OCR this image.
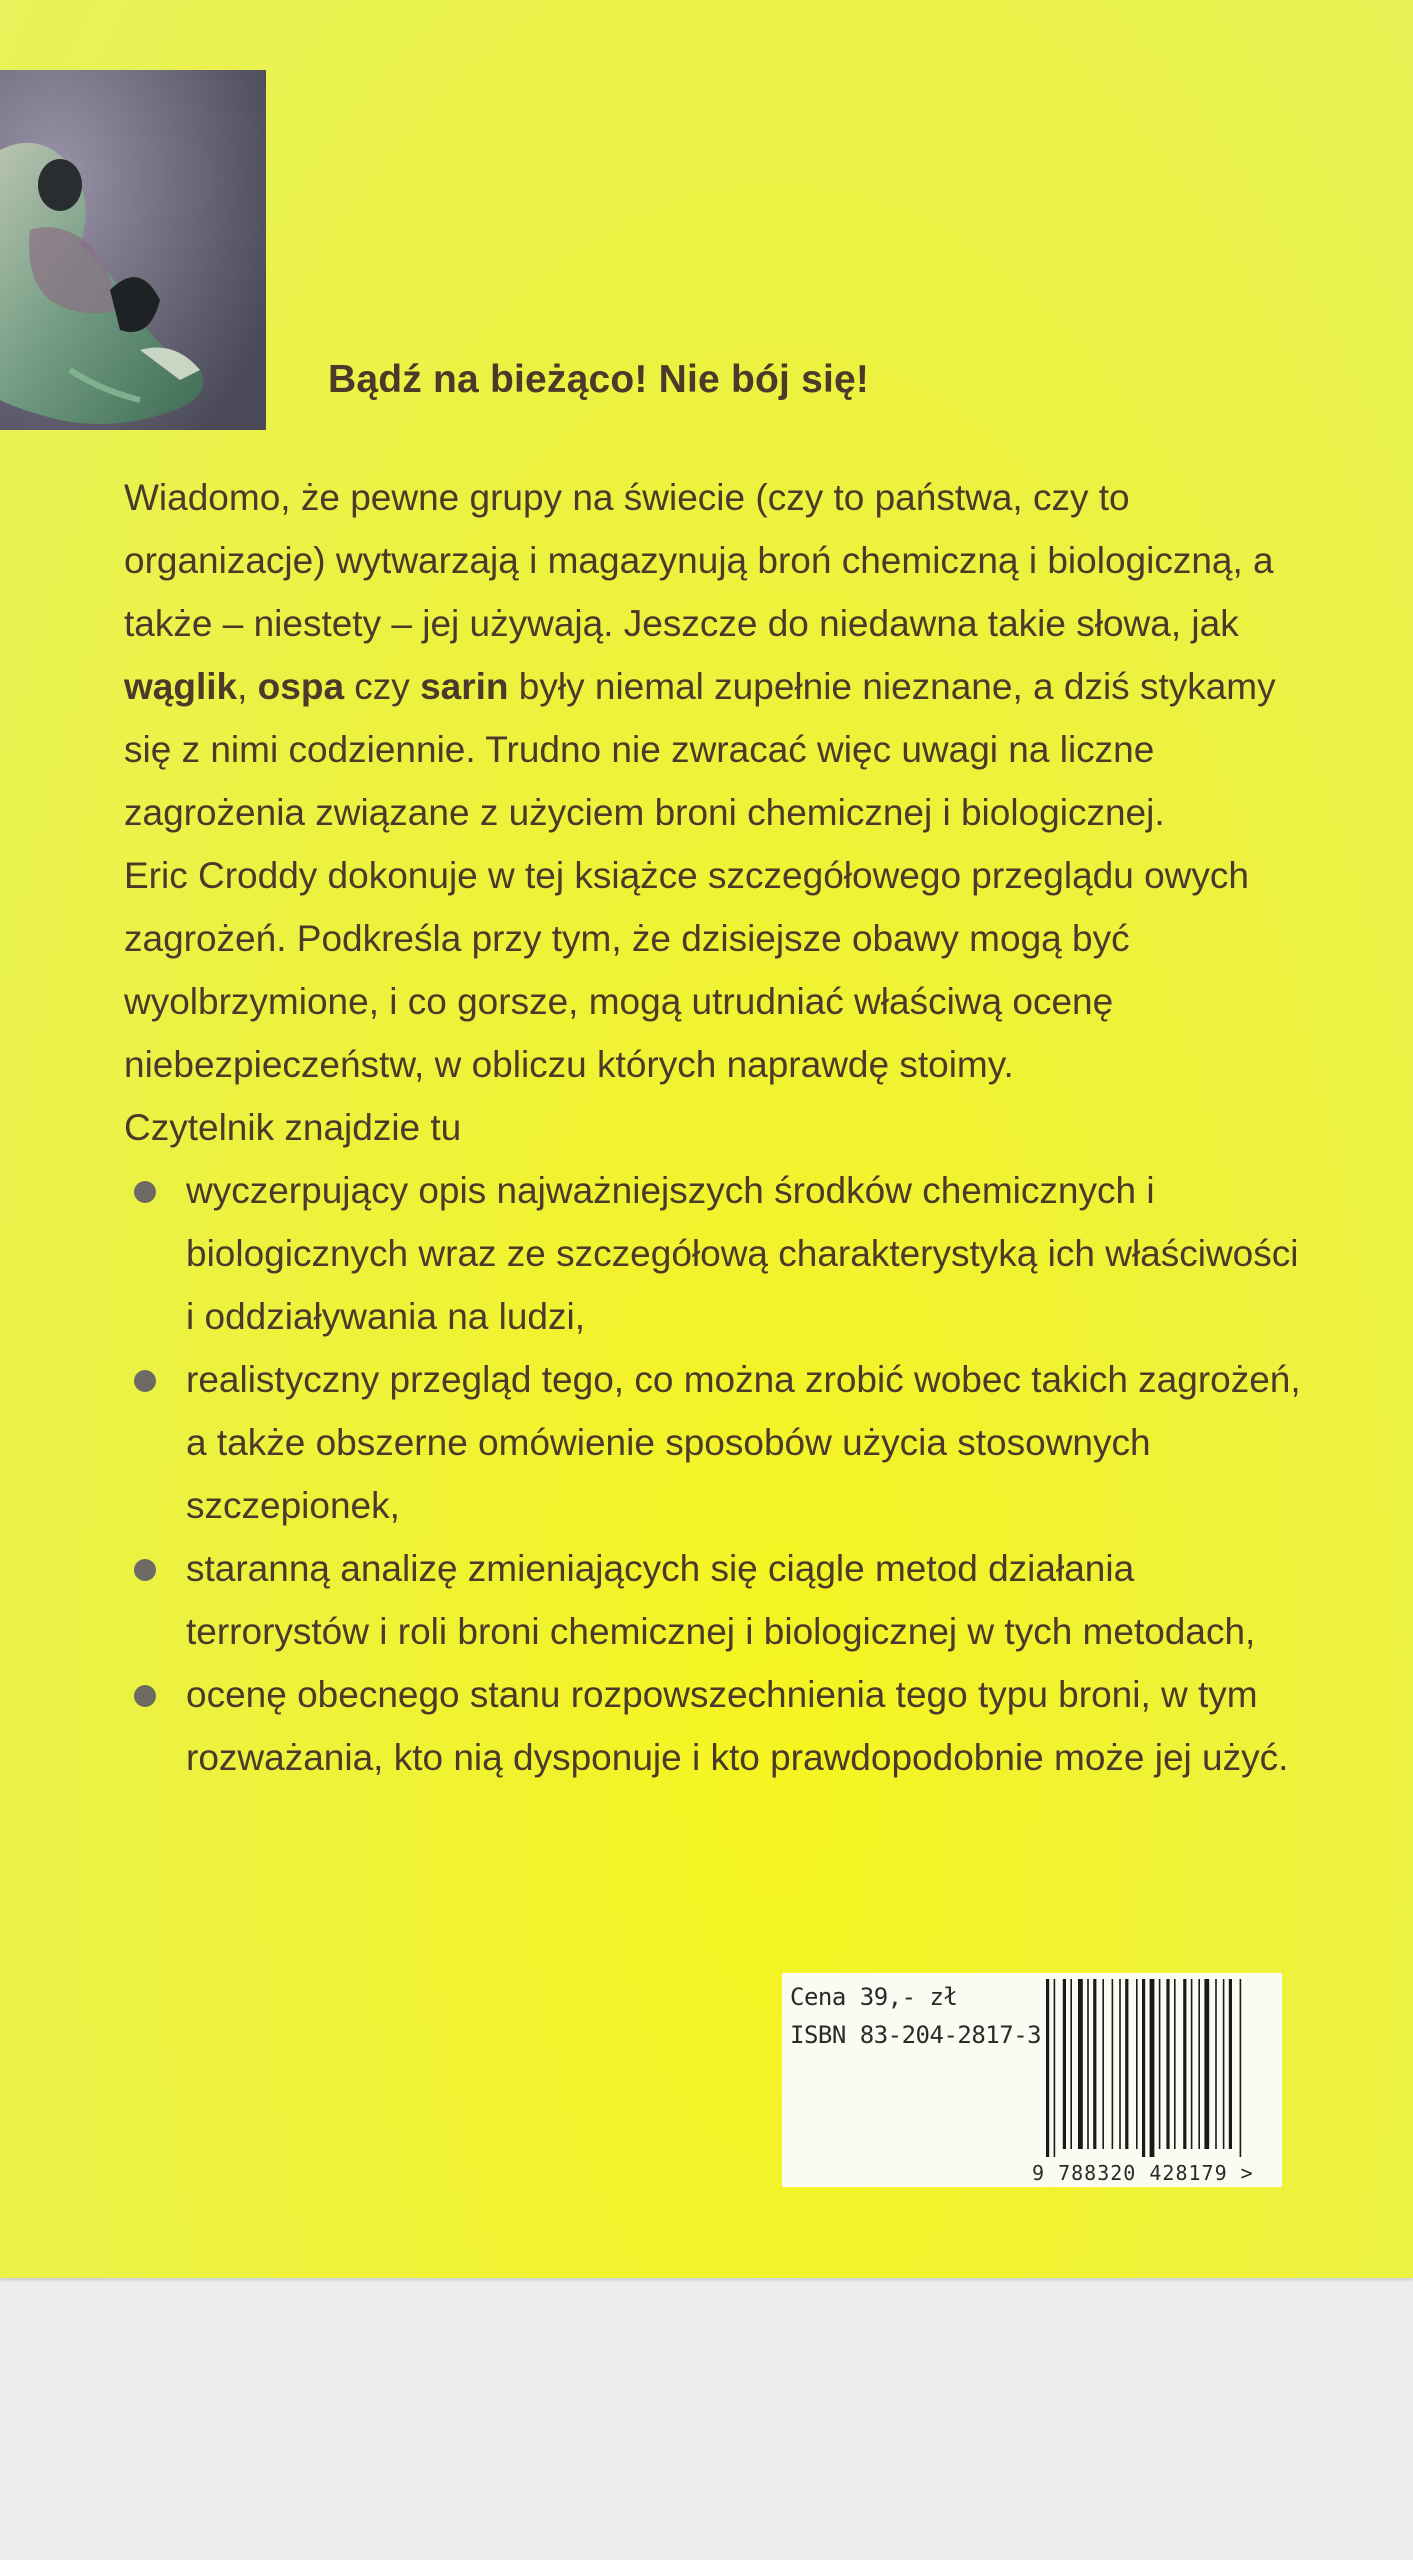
Bądź na bieżąco! Nie bój się!

Wiadomo, że pewne grupy na świecie (czy to państwa, czy to organizacje) wytwarzają i magazynują broń chemiczną i biologiczną, a także – niestety – jej używają. Jeszcze do niedawna takie słowa, jak wąglik, ospa czy sarin były niemal zupełnie nieznane, a dziś stykamy się z nimi codziennie. Trudno nie zwracać więc uwagi na liczne zagrożenia związane z użyciem broni chemicznej i biologicznej.

Eric Croddy dokonuje w tej książce szczegółowego przeglądu owych zagrożeń. Podkreśla przy tym, że dzisiejsze obawy mogą być wyolbrzymione, i co gorsze, mogą utrudniać właściwą ocenę niebezpieczeństw, w obliczu których naprawdę stoimy.

Czytelnik znajdzie tu

wyczerpujący opis najważniejszych środków chemicznych i biologicznych wraz ze szczegółową charakterystyką ich właściwości i oddziaływania na ludzi,
realistyczny przegląd tego, co można zrobić wobec takich zagrożeń, a także obszerne omówienie sposobów użycia stosownych szczepionek,
staranną analizę zmieniających się ciągle metod działania terrorystów i roli broni chemicznej i biologicznej w tych metodach,
ocenę obecnego stanu rozpowszechnienia tego typu broni, w tym rozważania, kto nią dysponuje i kto prawdopodobnie może jej użyć.

Cena 39,- zł

ISBN 83-204-2817-3

9 788320 428179 >
